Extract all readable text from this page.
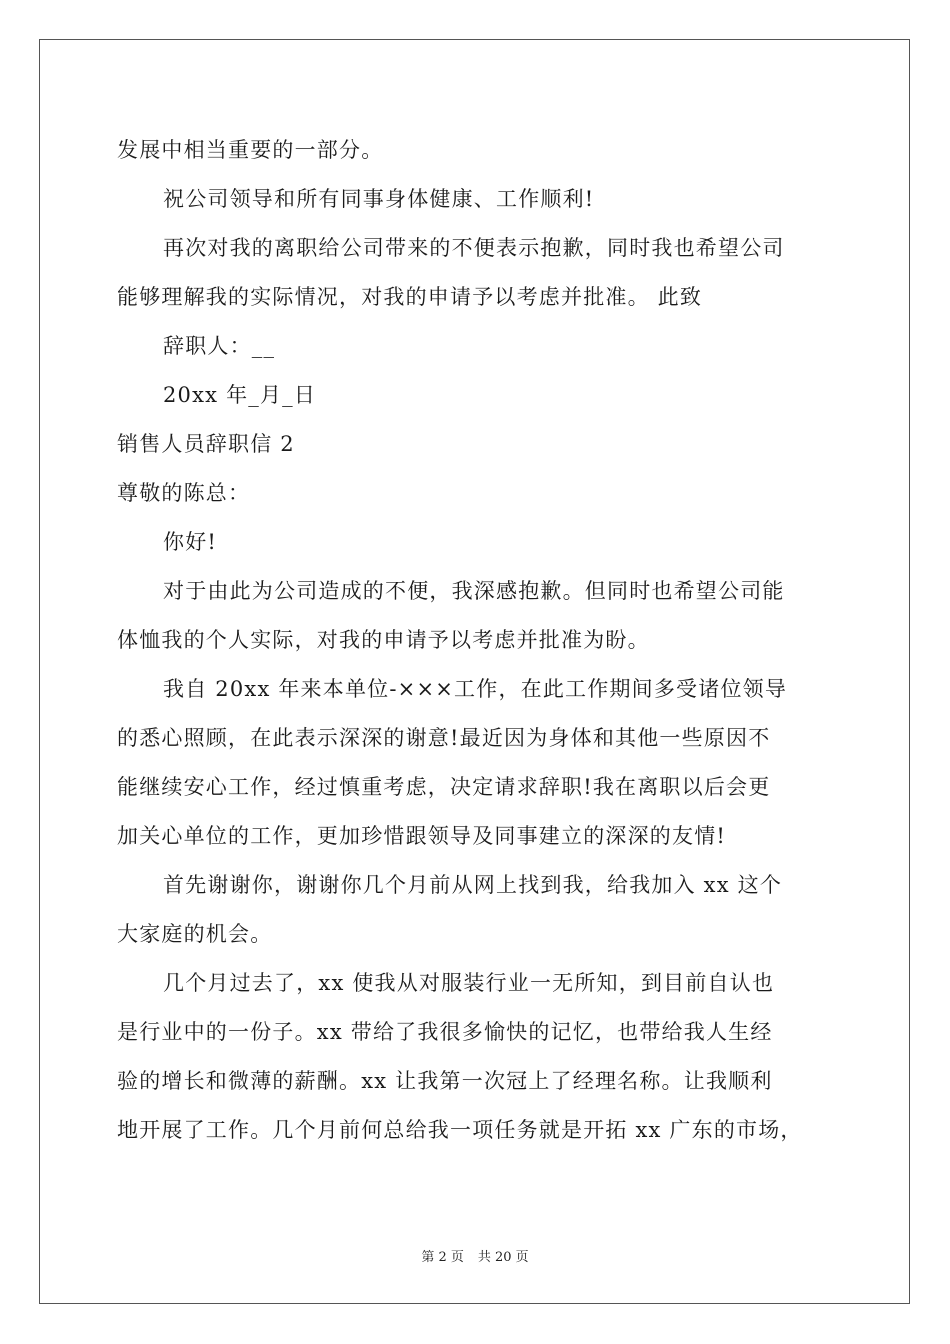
发展中相当重要的一部分。
祝公司领导和所有同事身体健康、工作顺利!
再次对我的离职给公司带来的不便表示抱歉，同时我也希望公司
能够理解我的实际情况，对我的申请予以考虑并批准。 此致
辞职人：__
20xx 年_月_日
销售人员辞职信 2
尊敬的陈总：
你好!
对于由此为公司造成的不便，我深感抱歉。但同时也希望公司能
体恤我的个人实际，对我的申请予以考虑并批准为盼。
我自 20xx 年来本单位-×××工作，在此工作期间多受诸位领导
的悉心照顾，在此表示深深的谢意!最近因为身体和其他一些原因不
能继续安心工作，经过慎重考虑，决定请求辞职!我在离职以后会更
加关心单位的工作，更加珍惜跟领导及同事建立的深深的友情!
首先谢谢你，谢谢你几个月前从网上找到我，给我加入 xx 这个
大家庭的机会。
几个月过去了，xx 使我从对服装行业一无所知，到目前自认也
是行业中的一份子。xx 带给了我很多愉快的记忆，也带给我人生经
验的增长和微薄的薪酬。xx 让我第一次冠上了经理名称。让我顺利
地开展了工作。几个月前何总给我一项任务就是开拓 xx 广东的市场，
第 2 页 共 20 页
